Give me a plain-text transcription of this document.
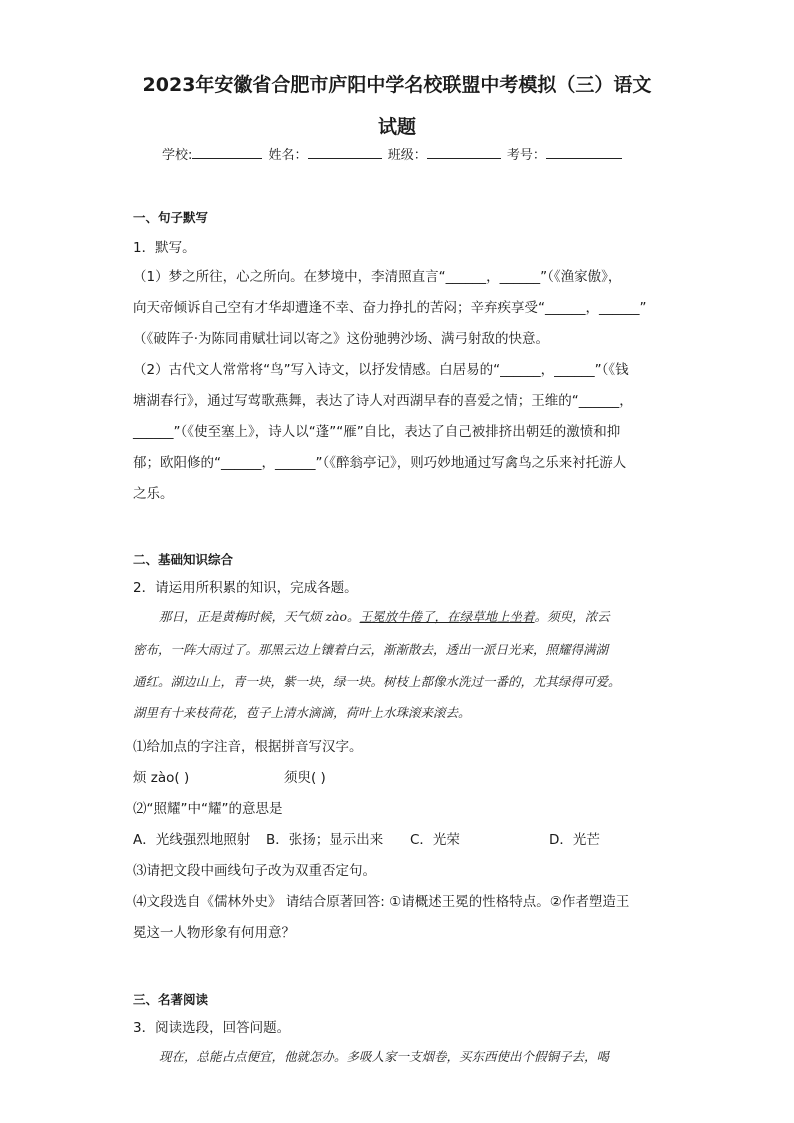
2023年安徽省合肥市庐阳中学名校联盟中考模拟（三）语文
试题
学校:	姓名：	班级：	考号：
一、句子默写
1．默写。
（1）梦之所往，心之所向。在梦境中，李清照直言“______，______”（《渔家傲》，
向天帝倾诉自己空有才华却遭逢不幸、奋力挣扎的苦闷；辛弃疾享受“______，______”
（《破阵子·为陈同甫赋壮词以寄之》这份驰骋沙场、满弓射敌的快意。
（2）古代文人常常将“鸟”写入诗文，以抒发情感。白居易的“______，______”（《钱
塘湖春行》，通过写莺歌燕舞，表达了诗人对西湖早春的喜爱之情；王维的“______，
______”（《使至塞上》，诗人以“蓬”“雁”自比，表达了自己被排挤出朝廷的激愤和抑
郁；欧阳修的“______，______”（《醉翁亭记》，则巧妙地通过写禽鸟之乐来衬托游人
之乐。
二、基础知识综合
2．请运用所积累的知识，完成各题。
那日，正是黄梅时候，天气烦 zào。王冕放牛倦了，在绿草地上坐着。须臾，浓云
密布，一阵大雨过了。那黑云边上镶着白云，渐渐散去，透出一派日光来，照耀得满湖
通红。湖边山上，青一块，紫一块，绿一块。树枝上都像水洗过一番的，尤其绿得可爱。
湖里有十来枝荷花，苞子上清水滴滴，荷叶上水珠滚来滚去。
⑴给加点的字注音，根据拼音写汉字。
烦 zào( )	须臾( )
⑵“照耀”中“耀”的意思是
A．光线强烈地照射 B．张扬；显示出来 C．光荣	D．光芒
⑶请把文段中画线句子改为双重否定句。
⑷文段选自《儒林外史》 请结合原著回答: ①请概述王冕的性格特点。②作者塑造王
冕这一人物形象有何用意？
三、名著阅读
3．阅读选段，回答问题。
现在，总能占点便宜，他就怎办。多吸人家一支烟卷，买东西使出个假铜子去，喝
